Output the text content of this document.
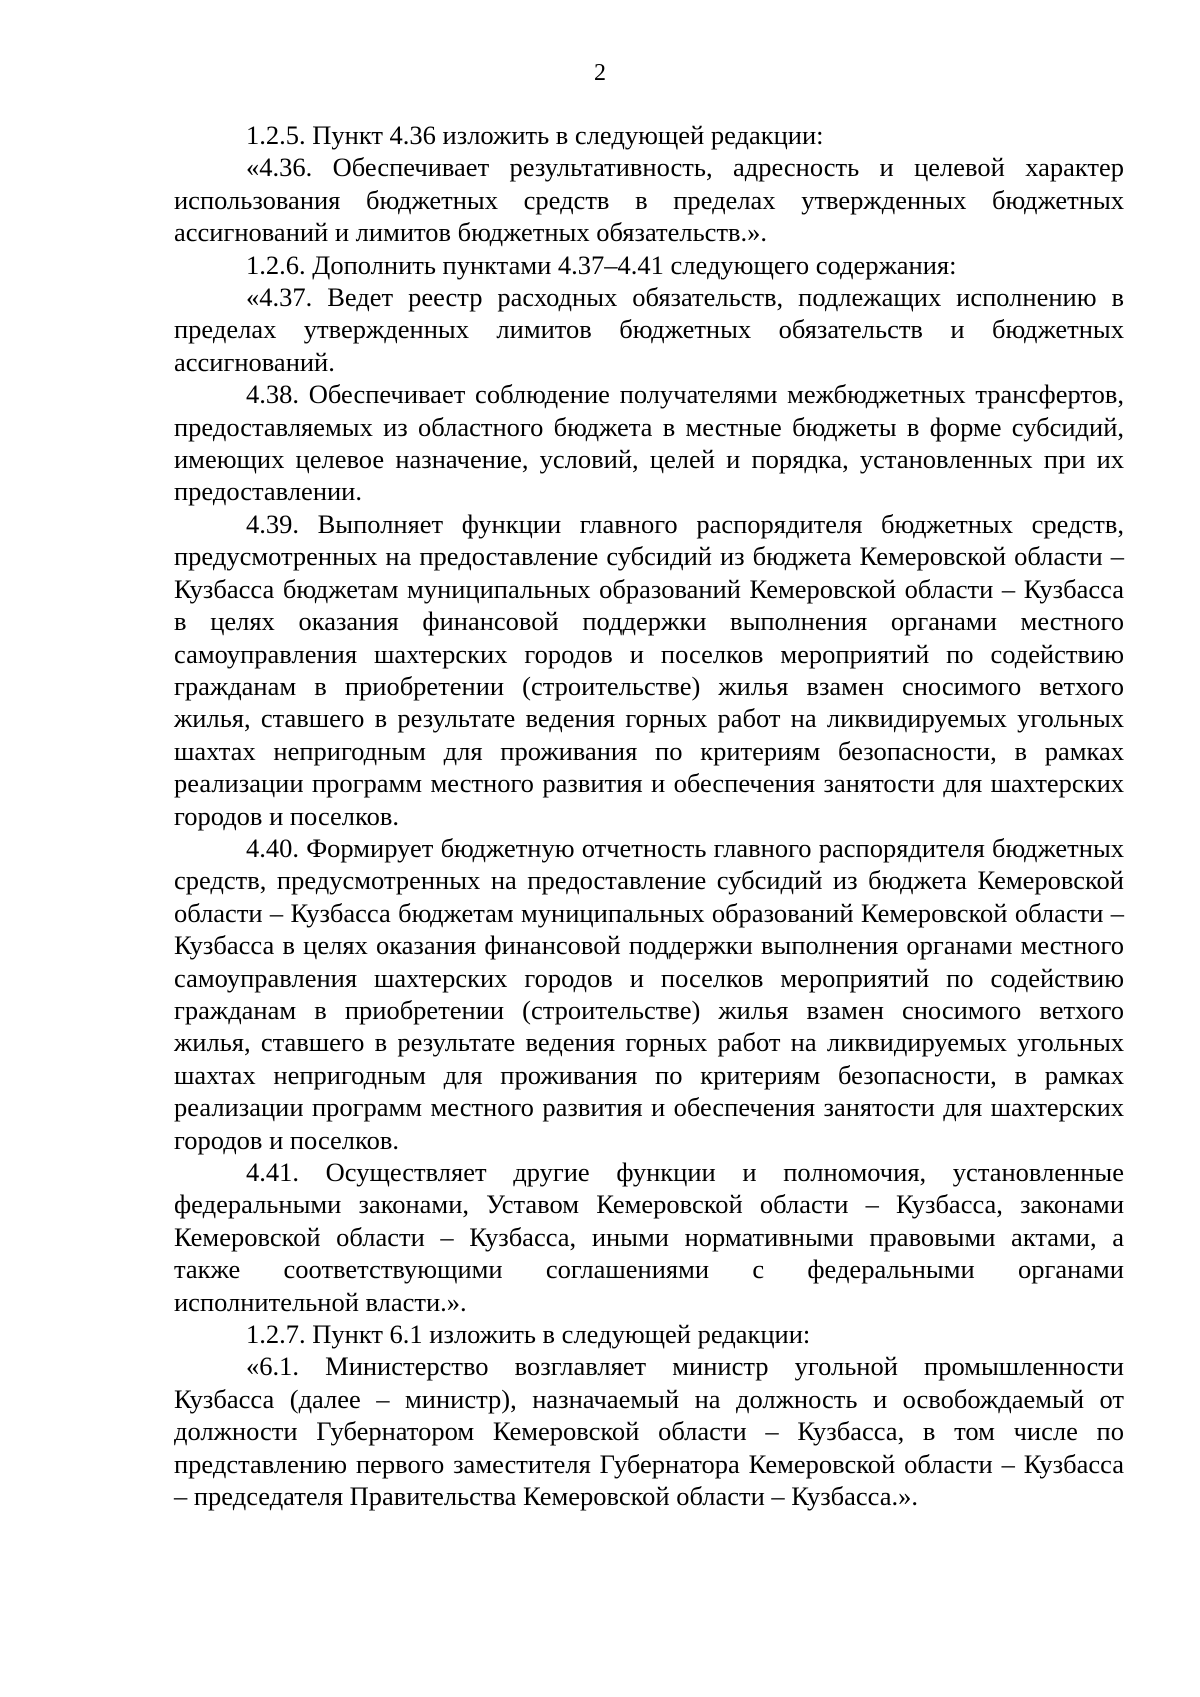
2

1.2.5. Пункт 4.36 изложить в следующей редакции:

«4.36. Обеспечивает результативность, адресность и целевой характер использования бюджетных средств в пределах утвержденных бюджетных ассигнований и лимитов бюджетных обязательств.».

1.2.6. Дополнить пунктами 4.37–4.41 следующего содержания:

«4.37. Ведет реестр расходных обязательств, подлежащих исполнению в пределах утвержденных лимитов бюджетных обязательств и бюджетных ассигнований.

4.38. Обеспечивает соблюдение получателями межбюджетных трансфертов, предоставляемых из областного бюджета в местные бюджеты в форме субсидий, имеющих целевое назначение, условий, целей и порядка, установленных при их предоставлении.

4.39. Выполняет функции главного распорядителя бюджетных средств, предусмотренных на предоставление субсидий из бюджета Кемеровской области – Кузбасса бюджетам муниципальных образований Кемеровской области – Кузбасса в целях оказания финансовой поддержки выполнения органами местного самоуправления шахтерских городов и поселков мероприятий по содействию гражданам в приобретении (строительстве) жилья взамен сносимого ветхого жилья, ставшего в результате ведения горных работ на ликвидируемых угольных шахтах непригодным для проживания по критериям безопасности, в рамках реализации программ местного развития и обеспечения занятости для шахтерских городов и поселков.

4.40. Формирует бюджетную отчетность главного распорядителя бюджетных средств, предусмотренных на предоставление субсидий из бюджета Кемеровской области – Кузбасса бюджетам муниципальных образований Кемеровской области – Кузбасса в целях оказания финансовой поддержки выполнения органами местного самоуправления шахтерских городов и поселков мероприятий по содействию гражданам в приобретении (строительстве) жилья взамен сносимого ветхого жилья, ставшего в результате ведения горных работ на ликвидируемых угольных шахтах непригодным для проживания по критериям безопасности, в рамках реализации программ местного развития и обеспечения занятости для шахтерских городов и поселков.

4.41. Осуществляет другие функции и полномочия, установленные федеральными законами, Уставом Кемеровской области – Кузбасса, законами Кемеровской области – Кузбасса, иными нормативными правовыми актами, а также соответствующими соглашениями с федеральными органами исполнительной власти.».

1.2.7. Пункт 6.1 изложить в следующей редакции:

«6.1. Министерство возглавляет министр угольной промышленности Кузбасса (далее – министр), назначаемый на должность и освобождаемый от должности Губернатором Кемеровской области – Кузбасса, в том числе по представлению первого заместителя Губернатора Кемеровской области – Кузбасса – председателя Правительства Кемеровской области – Кузбасса.».
